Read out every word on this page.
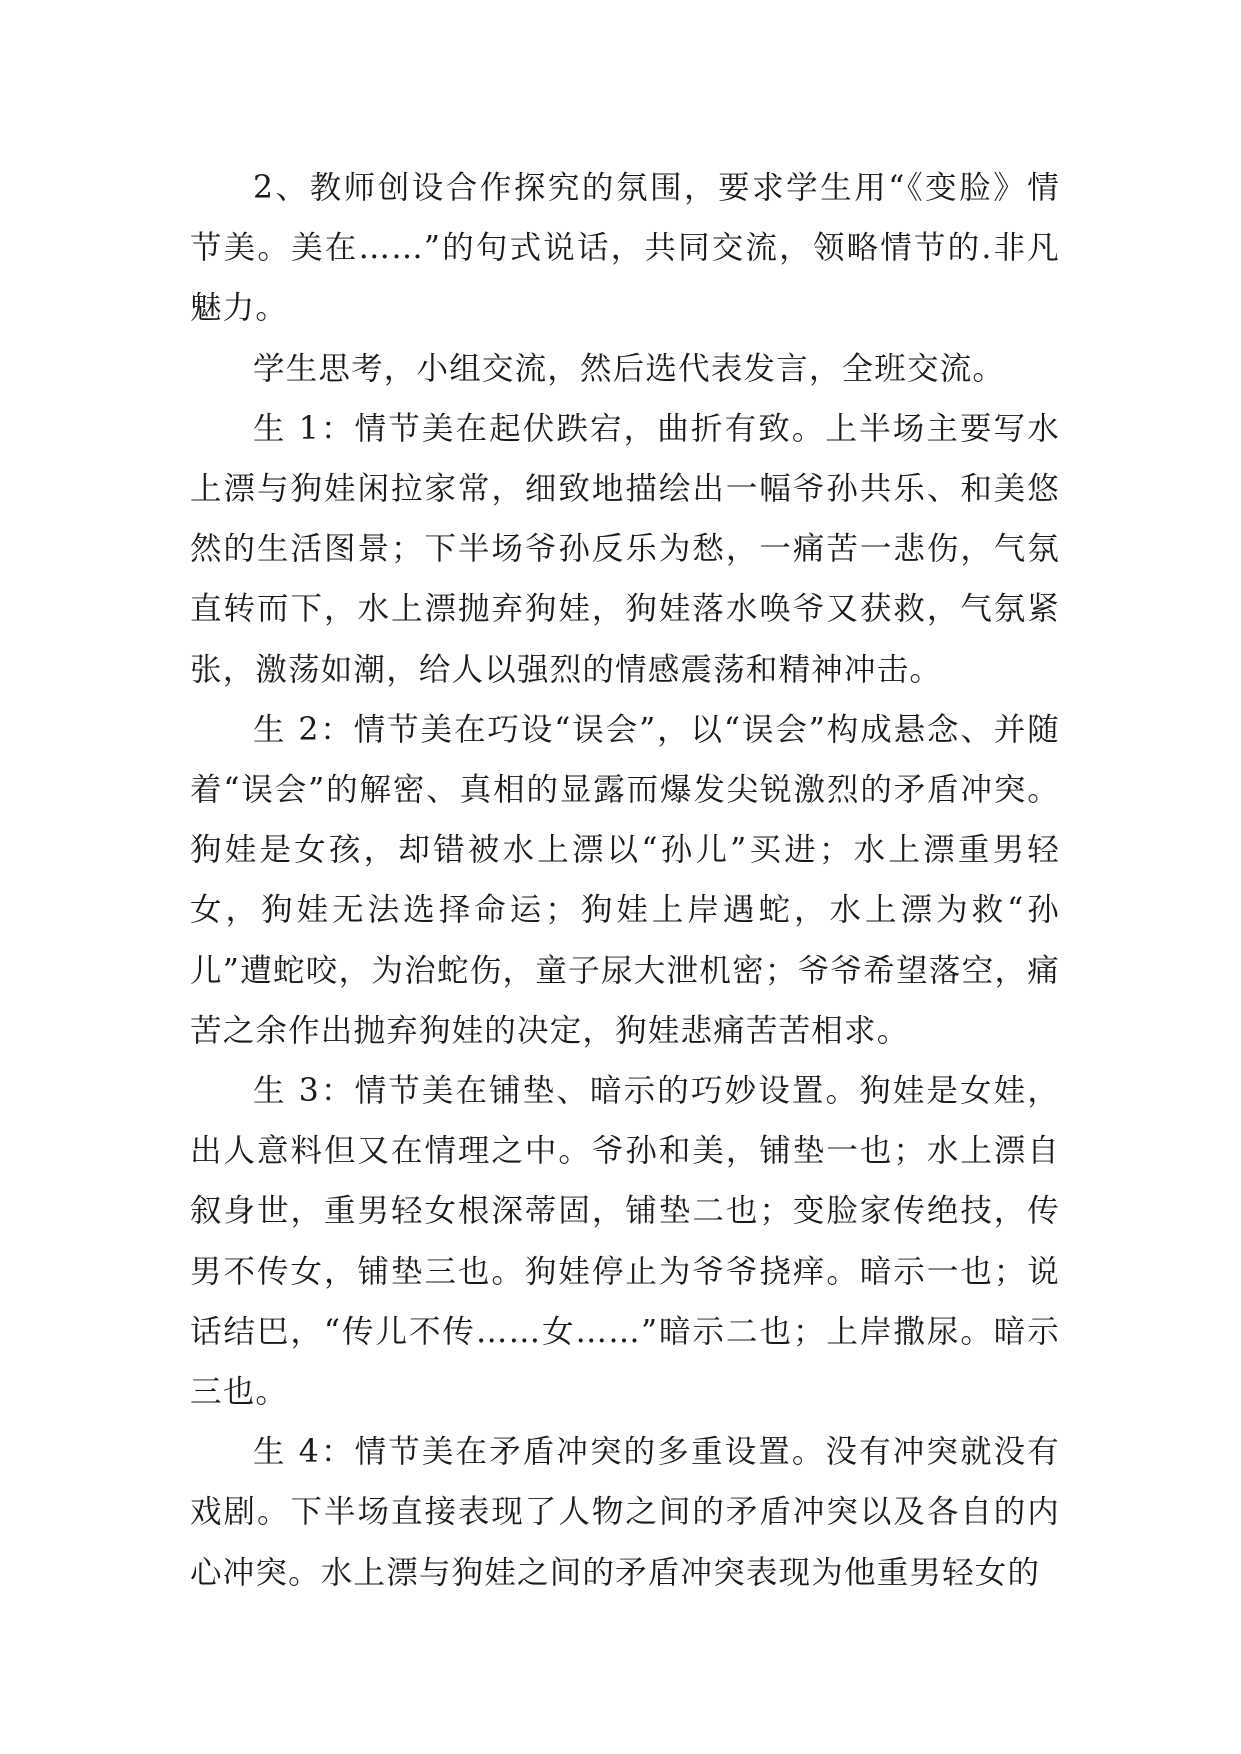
2、教师创设合作探究的氛围，要求学生用“《变脸》情节美。美在……”的句式说话，共同交流，领略情节的.非凡魅力。

学生思考，小组交流，然后选代表发言，全班交流。

生 1：情节美在起伏跌宕，曲折有致。上半场主要写水上漂与狗娃闲拉家常，细致地描绘出一幅爷孙共乐、和美悠然的生活图景；下半场爷孙反乐为愁，一痛苦一悲伤，气氛直转而下，水上漂抛弃狗娃，狗娃落水唤爷又获救，气氛紧张，激荡如潮，给人以强烈的情感震荡和精神冲击。

生 2：情节美在巧设“误会”，以“误会”构成悬念、并随着“误会”的解密、真相的显露而爆发尖锐激烈的矛盾冲突。狗娃是女孩，却错被水上漂以“孙儿”买进；水上漂重男轻女，狗娃无法选择命运；狗娃上岸遇蛇，水上漂为救“孙儿”遭蛇咬，为治蛇伤，童子尿大泄机密；爷爷希望落空，痛苦之余作出抛弃狗娃的决定，狗娃悲痛苦苦相求。

生 3：情节美在铺垫、暗示的巧妙设置。狗娃是女娃，出人意料但又在情理之中。爷孙和美，铺垫一也；水上漂自叙身世，重男轻女根深蒂固，铺垫二也；变脸家传绝技，传男不传女，铺垫三也。狗娃停止为爷爷挠痒。暗示一也；说话结巴，“传儿不传……女……”暗示二也；上岸撒尿。暗示三也。

生 4：情节美在矛盾冲突的多重设置。没有冲突就没有戏剧。下半场直接表现了人物之间的矛盾冲突以及各自的内心冲突。水上漂与狗娃之间的矛盾冲突表现为他重男轻女的
